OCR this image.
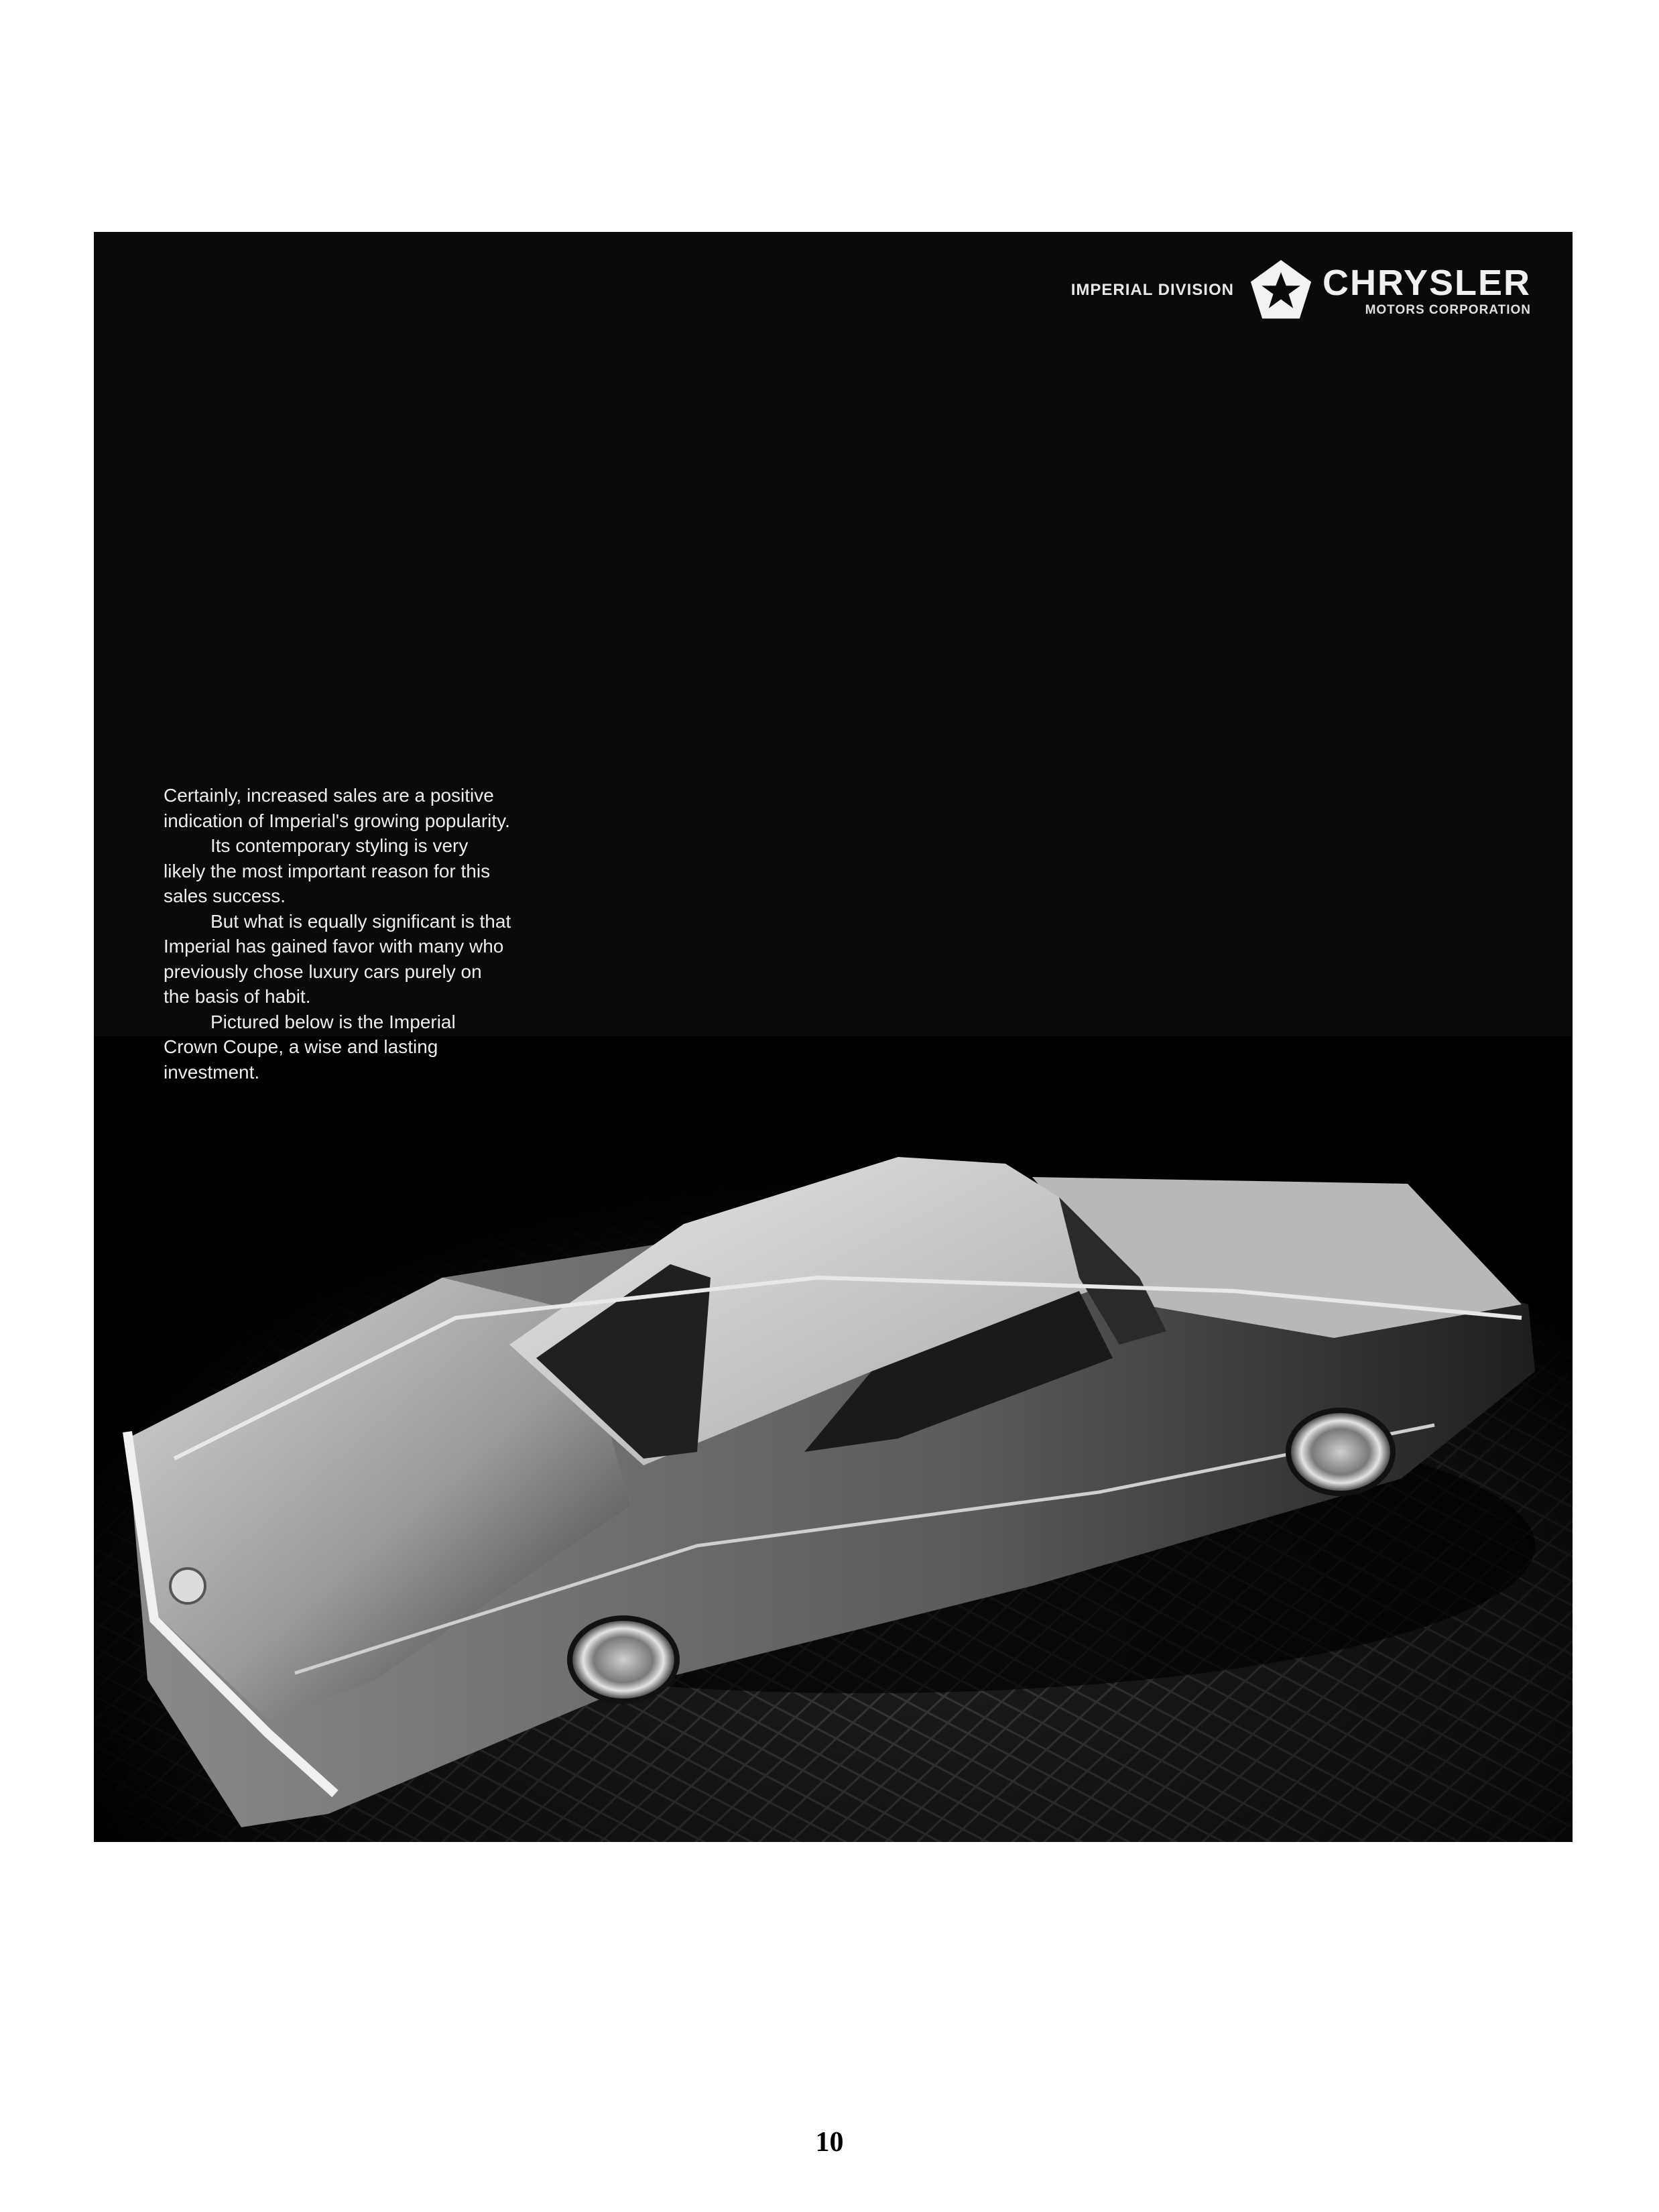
IMPERIAL DIVISION CHRYSLER
MOTORS CORPORATION

Certainly, increased sales are a positive indication of Imperial's growing popularity.

Its contemporary styling is very likely the most important reason for this sales success.

But what is equally significant is that Imperial has gained favor with many who previously chose luxury cars purely on the basis of habit.

Pictured below is the Imperial Crown Coupe, a wise and lasting investment.

10
